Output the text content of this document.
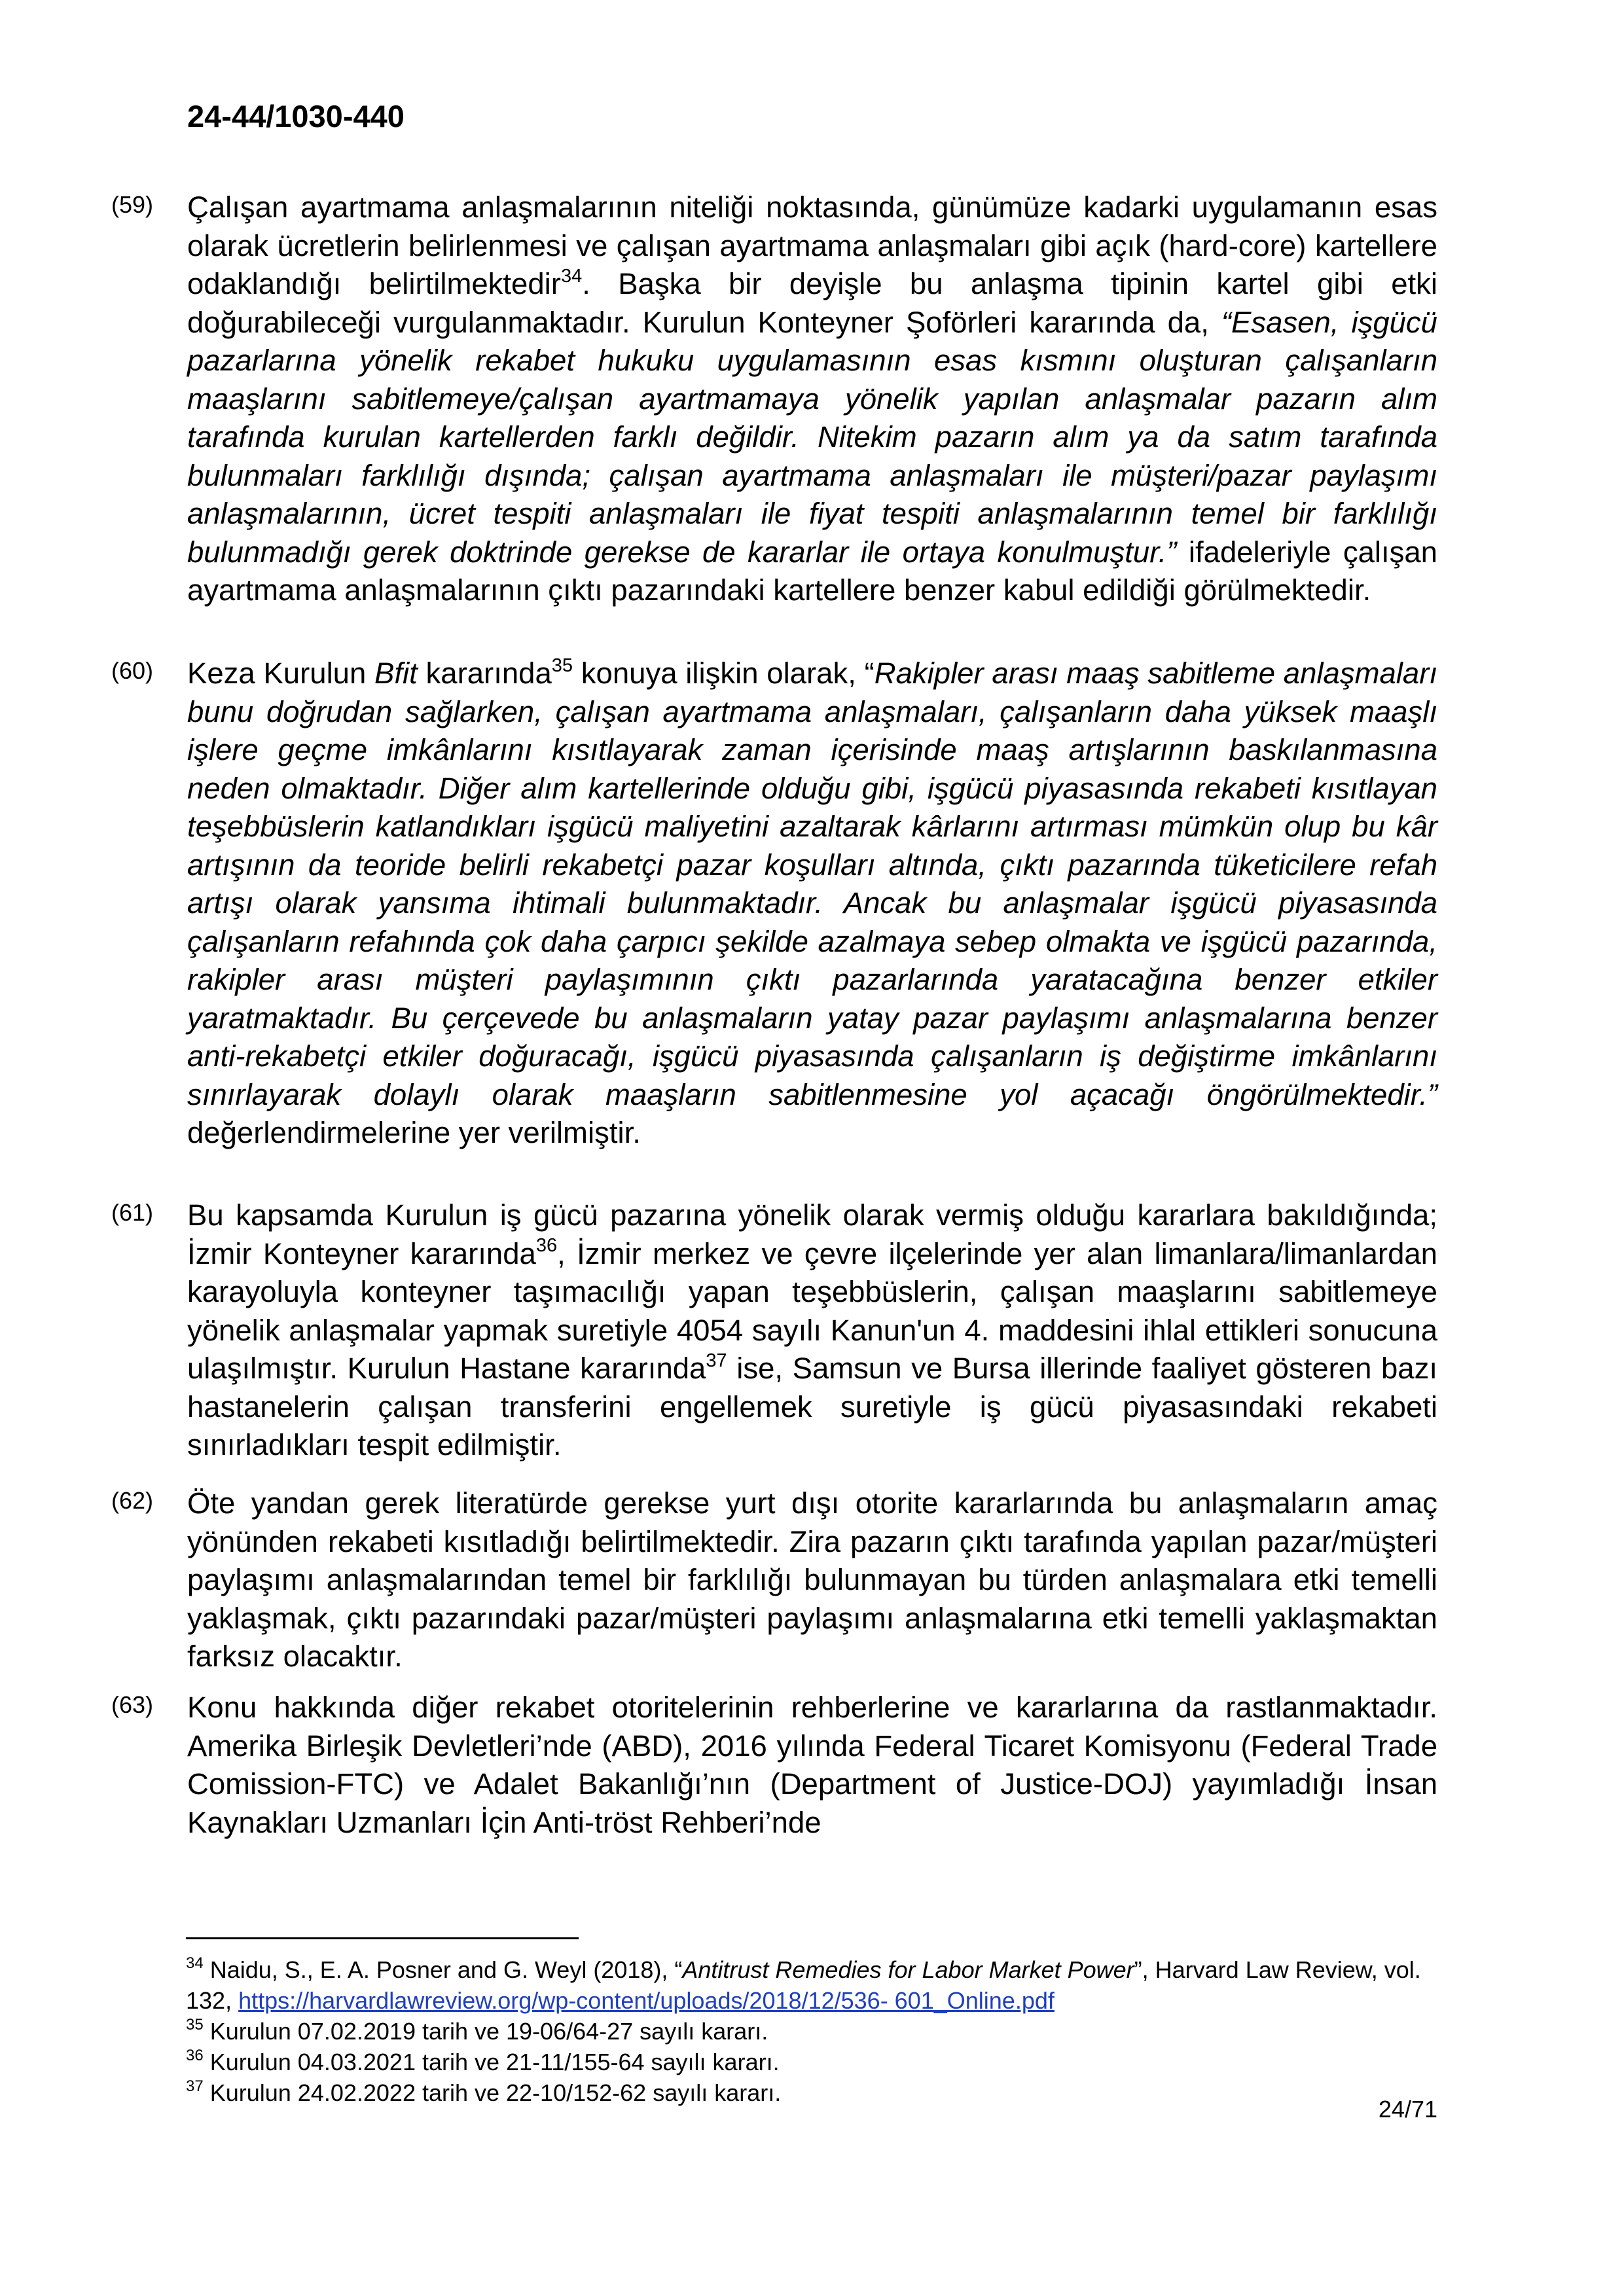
24-44/1030-440
(59) Çalışan ayartmama anlaşmalarının niteliği noktasında, günümüze kadarki uygulamanın esas olarak ücretlerin belirlenmesi ve çalışan ayartmama anlaşmaları gibi açık (hard-core) kartellere odaklandığı belirtilmektedir$^{34}$. Başka bir deyişle bu anlaşma tipinin kartel gibi etki doğurabileceği vurgulanmaktadır. Kurulun Konteyner Şoförleri kararında da, “Esasen, işgücü pazarlarına yönelik rekabet hukuku uygulamasının esas kısmını oluşturan çalışanların maaşlarını sabitlemeye/çalışan ayartmamaya yönelik yapılan anlaşmalar pazarın alım tarafında kurulan kartellerden farklı değildir. Nitekim pazarın alım ya da satım tarafında bulunmaları farklılığı dışında; çalışan ayartmama anlaşmaları ile müşteri/pazar paylaşımı anlaşmalarının, ücret tespiti anlaşmaları ile fiyat tespiti anlaşmalarının temel bir farklılığı bulunmadığı gerek doktrinde gerekse de kararlar ile ortaya konulmuştur.” ifadeleriyle çalışan ayartmama anlaşmalarının çıktı pazarındaki kartellere benzer kabul edildiği görülmektedir.
(60) Keza Kurulun Bfit kararında$^{35}$ konuya ilişkin olarak, “Rakipler arası maaş sabitleme anlaşmaları bunu doğrudan sağlarken, çalışan ayartmama anlaşmaları, çalışanların daha yüksek maaşlı işlere geçme imkânlarını kısıtlayarak zaman içerisinde maaş artışlarının baskılanmasına neden olmaktadır. Diğer alım kartellerinde olduğu gibi, işgücü piyasasında rekabeti kısıtlayan teşebbüslerin katlandıkları işgücü maliyetini azaltarak kârlarını artırması mümkün olup bu kâr artışının da teoride belirli rekabetçi pazar koşulları altında, çıktı pazarında tüketicilere refah artışı olarak yansıma ihtimali bulunmaktadır. Ancak bu anlaşmalar işgücü piyasasında çalışanların refahında çok daha çarpıcı şekilde azalmaya sebep olmakta ve işgücü pazarında, rakipler arası müşteri paylaşımının çıktı pazarlarında yaratacağına benzer etkiler yaratmaktadır. Bu çerçevede bu anlaşmaların yatay pazar paylaşımı anlaşmalarına benzer anti-rekabetçi etkiler doğuracağı, işgücü piyasasında çalışanların iş değiştirme imkânlarını sınırlayarak dolaylı olarak maaşların sabitlenmesine yol açacağı öngörülmektedir.” değerlendirmelerine yer verilmiştir.
(61) Bu kapsamda Kurulun iş gücü pazarına yönelik olarak vermiş olduğu kararlara bakıldığında; İzmir Konteyner kararında$^{36}$, İzmir merkez ve çevre ilçelerinde yer alan limanlara/limanlardan karayoluyla konteyner taşımacılığı yapan teşebbüslerin, çalışan maaşlarını sabitlemeye yönelik anlaşmalar yapmak suretiyle 4054 sayılı Kanun'un 4. maddesini ihlal ettikleri sonucuna ulaşılmıştır. Kurulun Hastane kararında$^{37}$ ise, Samsun ve Bursa illerinde faaliyet gösteren bazı hastanelerin çalışan transferini engellemek suretiyle iş gücü piyasasındaki rekabeti sınırladıkları tespit edilmiştir.
(62) Öte yandan gerek literatürde gerekse yurt dışı otorite kararlarında bu anlaşmaların amaç yönünden rekabeti kısıtladığı belirtilmektedir. Zira pazarın çıktı tarafında yapılan pazar/müşteri paylaşımı anlaşmalarından temel bir farklılığı bulunmayan bu türden anlaşmalara etki temelli yaklaşmak, çıktı pazarındaki pazar/müşteri paylaşımı anlaşmalarına etki temelli yaklaşmaktan farksız olacaktır.
(63) Konu hakkında diğer rekabet otoritelerinin rehberlerine ve kararlarına da rastlanmaktadır. Amerika Birleşik Devletleri’nde (ABD), 2016 yılında Federal Ticaret Komisyonu (Federal Trade Comission-FTC) ve Adalet Bakanlığı’nın (Department of Justice-DOJ) yayımladığı İnsan Kaynakları Uzmanları İçin Anti-tröst Rehberi’nde

$^{34}$ Naidu, S., E. A. Posner and G. Weyl (2018), “Antitrust Remedies for Labor Market Power”, Harvard Law Review, vol. 132, https://harvardlawreview.org/wp-content/uploads/2018/12/536- 601_Online.pdf

$^{35}$ Kurulun 07.02.2019 tarih ve 19-06/64-27 sayılı kararı.

$^{36}$ Kurulun 04.03.2021 tarih ve 21-11/155-64 sayılı kararı.

$^{37}$ Kurulun 24.02.2022 tarih ve 22-10/152-62 sayılı kararı.

24/71
